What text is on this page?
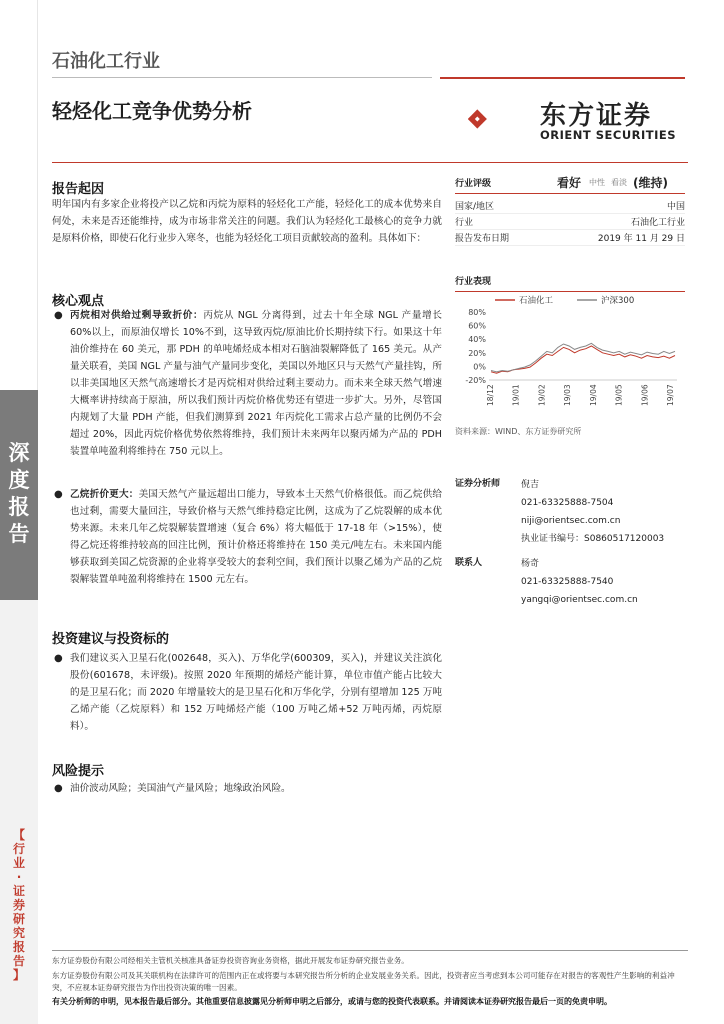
深
度
报
告
【
行
业
·
证
券
研
究
报
告
】
石油化工行业
轻烃化工竞争优势分析	东方证券
ORIENT SECURITIES
报告起因
明年国内有多家企业将投产以乙烷和丙烷为原料的轻烃化工产能，轻烃化工的成本优势来自何处，未来是否还能维持，成为市场非常关注的问题。我们认为轻烃化工最核心的竞争力就是原料价格，即使石化行业步入寒冬，也能为轻烃化工项目贡献较高的盈利。具体如下：
核心观点
● 丙烷相对供给过剩导致折价：丙烷从 NGL 分离得到，过去十年全球 NGL 产量增长 60%以上，而原油仅增长 10%不到，这导致丙烷/原油比价长期持续下行。如果这十年油价维持在 60 美元，那 PDH 的单吨烯烃成本相对石脑油裂解降低了 165 美元。从产量关联看，美国 NGL 产量与油气产量同步变化，美国以外地区只与天然气产量挂钩，所以非美国地区天然气高速增长才是丙烷相对供给过剩主要动力。而未来全球天然气增速大概率讲持续高于原油，所以我们预计丙烷价格优势还有望进一步扩大。另外，尽管国内规划了大量 PDH 产能，但我们测算到 2021 年丙烷化工需求占总产量的比例仍不会超过 20%，因此丙烷价格优势依然将维持，我们预计未来两年以聚丙烯为产品的 PDH 装置单吨盈利将维持在 750 元以上。
● 乙烷折价更大：美国天然气产量远超出口能力，导致本土天然气价格很低。而乙烷供给也过剩，需要大量回注，导致价格与天然气维持稳定比例，这成为了乙烷裂解的成本优势来源。未来几年乙烷裂解装置增速（复合 6%）将大幅低于 17-18 年（>15%），使得乙烷还将维持较高的回注比例，预计价格还将维持在 150 美元/吨左右。未来国内能够获取到美国乙烷资源的企业将享受较大的套利空间，我们预计以聚乙烯为产品的乙烷裂解装置单吨盈利将维持在 1500 元左右。
投资建议与投资标的
● 我们建议买入卫星石化(002648，买入)、万华化学(600309，买入)，并建议关注滨化股份(601678，未评级)。按照 2020 年预期的烯烃产能计算，单位市值产能占比较大的是卫星石化；而 2020 年增量较大的是卫星石化和万华化学，分别有望增加 125 万吨乙烯产能（乙烷原料）和 152 万吨烯烃产能（100 万吨乙烯+52 万吨丙烯，丙烷原料）。
风险提示
● 油价波动风险；美国油气产量风险；地缘政治风险。
行业评级	看好 中性 看淡 (维持)
国家/地区	中国
行业	石油化工行业
报告发布日期	2019 年 11 月 29 日
行业表现
石油化工	沪深300
80%
60%
40%
20%
0%
-20%
18/12 19/01 19/02 19/03 19/04 19/05 19/06 19/07
资料来源：WIND、东方证券研究所
证券分析师	倪吉
021-63325888-7504
niji@orientsec.com.cn
执业证书编号：S0860517120003
联系人	杨奇
021-63325888-7540
yangqi@orientsec.com.cn
东方证券股份有限公司经相关主管机关核准具备证券投资咨询业务资格，据此开展发布证券研究报告业务。
东方证券股份有限公司及其关联机构在法律许可的范围内正在或将要与本研究报告所分析的企业发展业务关系。因此，投资者应当考虑到本公司可能存在对报告的客观性产生影响的利益冲突，不应视本证券研究报告为作出投资决策的唯一因素。
有关分析师的申明，见本报告最后部分。其他重要信息披露见分析师申明之后部分，或请与您的投资代表联系。并请阅读本证券研究报告最后一页的免责申明。
